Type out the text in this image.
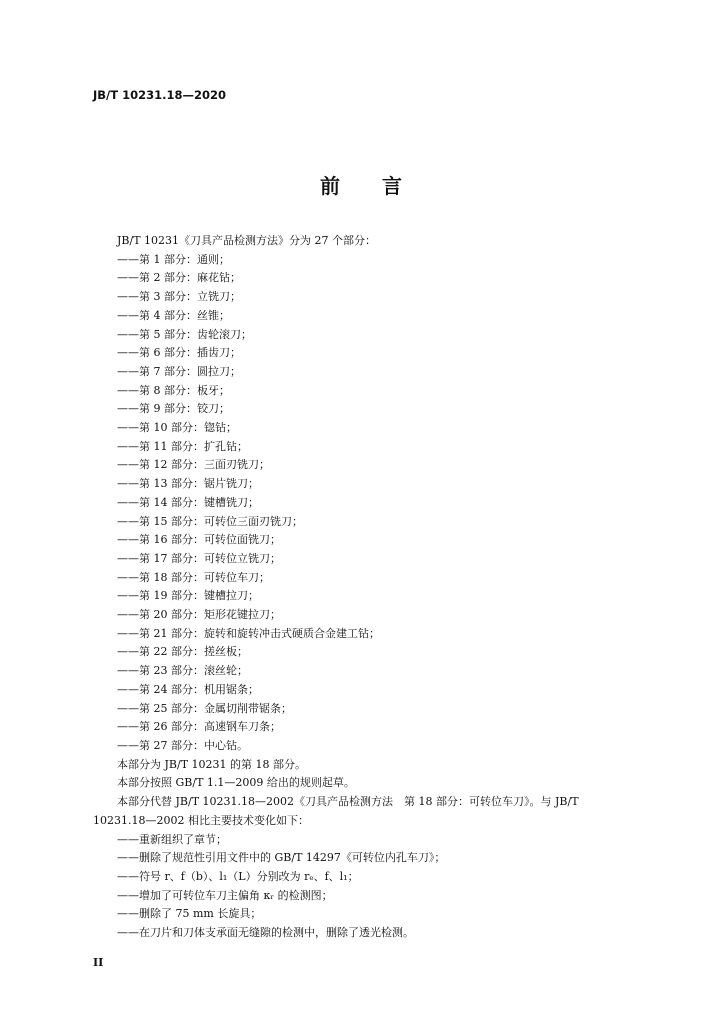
JB/T 10231.18—2020
前 言
JB/T 10231《刀具产品检测方法》分为 27 个部分：
——第 1 部分：通则；
——第 2 部分：麻花钻；
——第 3 部分：立铣刀；
——第 4 部分：丝锥；
——第 5 部分：齿轮滚刀；
——第 6 部分：插齿刀；
——第 7 部分：圆拉刀；
——第 8 部分：板牙；
——第 9 部分：铰刀；
——第 10 部分：锪钻；
——第 11 部分：扩孔钻；
——第 12 部分：三面刃铣刀；
——第 13 部分：锯片铣刀；
——第 14 部分：键槽铣刀；
——第 15 部分：可转位三面刃铣刀；
——第 16 部分：可转位面铣刀；
——第 17 部分：可转位立铣刀；
——第 18 部分：可转位车刀；
——第 19 部分：键槽拉刀；
——第 20 部分：矩形花键拉刀；
——第 21 部分：旋转和旋转冲击式硬质合金建工钻；
——第 22 部分：搓丝板；
——第 23 部分：滚丝轮；
——第 24 部分：机用锯条；
——第 25 部分：金属切削带锯条；
——第 26 部分：高速钢车刀条；
——第 27 部分：中心钻。
本部分为 JB/T 10231 的第 18 部分。
本部分按照 GB/T 1.1—2009 给出的规则起草。
本部分代替 JB/T 10231.18—2002《刀具产品检测方法　第 18 部分：可转位车刀》。与 JB/T
10231.18—2002 相比主要技术变化如下：
——重新组织了章节；
——删除了规范性引用文件中的 GB/T 14297《可转位内孔车刀》；
——符号 r、f（b）、l₁（L）分别改为 rₑ、f、l₁；
——增加了可转位车刀主偏角 κᵣ 的检测图；
——删除了 75 mm 长旋具；
——在刀片和刀体支承面无缝隙的检测中，删除了透光检测。
II
